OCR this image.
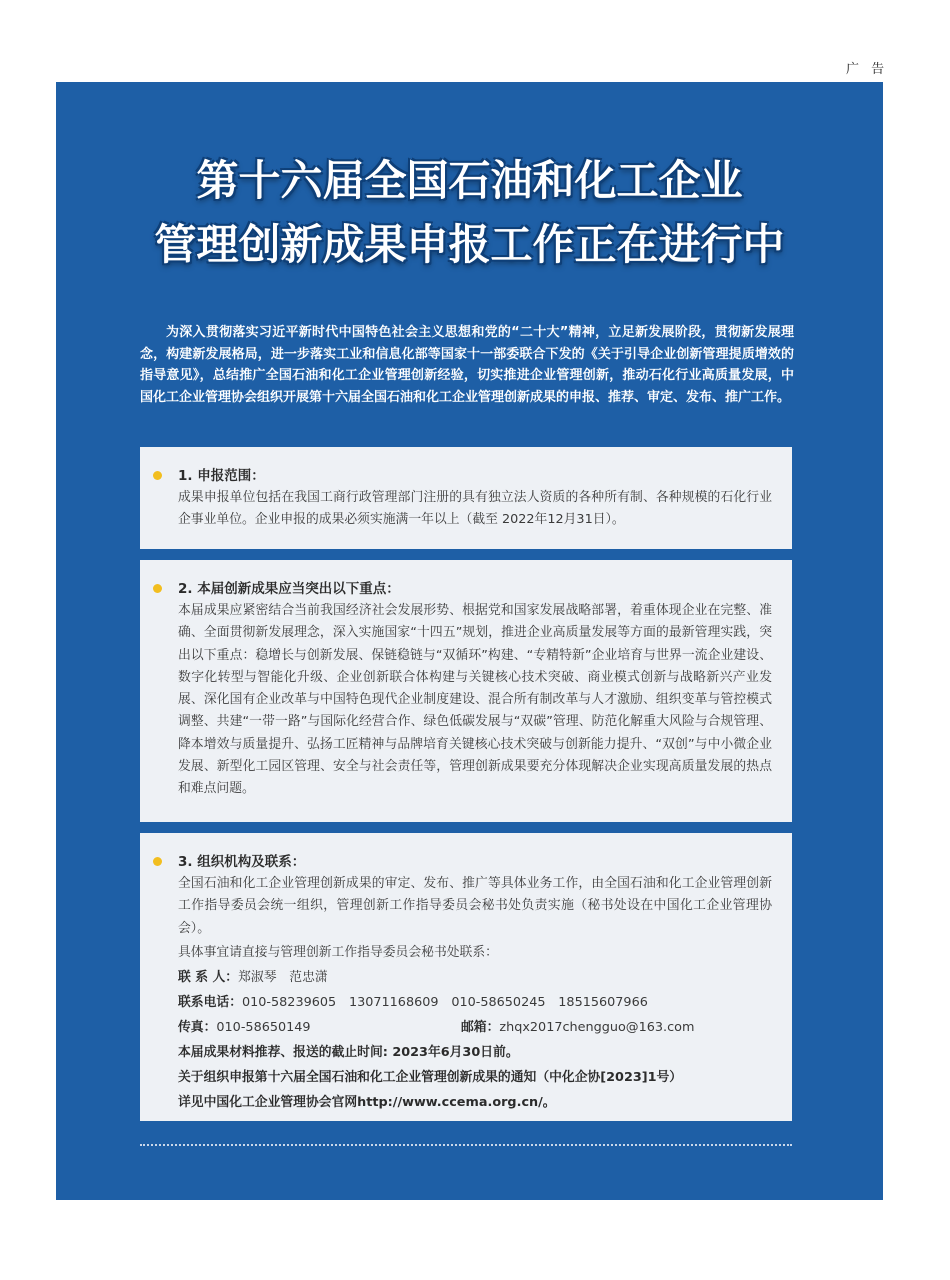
广 告
第十六届全国石油和化工企业
管理创新成果申报工作正在进行中
为深入贯彻落实习近平新时代中国特色社会主义思想和党的“二十大”精神，立足新发展阶段，贯彻新发展理念，构建新发展格局，进一步落实工业和信息化部等国家十一部委联合下发的《关于引导企业创新管理提质增效的指导意见》，总结推广全国石油和化工企业管理创新经验，切实推进企业管理创新，推动石化行业高质量发展，中国化工企业管理协会组织开展第十六届全国石油和化工企业管理创新成果的申报、推荐、审定、发布、推广工作。
1. 申报范围：
成果申报单位包括在我国工商行政管理部门注册的具有独立法人资质的各种所有制、各种规模的石化行业企事业单位。企业申报的成果必须实施满一年以上（截至 2022年12月31日）。
2. 本届创新成果应当突出以下重点：
本届成果应紧密结合当前我国经济社会发展形势、根据党和国家发展战略部署，着重体现企业在完整、准确、全面贯彻新发展理念，深入实施国家“十四五”规划，推进企业高质量发展等方面的最新管理实践，突出以下重点：稳增长与创新发展、保链稳链与“双循环”构建、“专精特新”企业培育与世界一流企业建设、数字化转型与智能化升级、企业创新联合体构建与关键核心技术突破、商业模式创新与战略新兴产业发展、深化国有企业改革与中国特色现代企业制度建设、混合所有制改革与人才激励、组织变革与管控模式调整、共建“一带一路”与国际化经营合作、绿色低碳发展与“双碳”管理、防范化解重大风险与合规管理、降本增效与质量提升、弘扬工匠精神与品牌培育关键核心技术突破与创新能力提升、“双创”与中小微企业发展、新型化工园区管理、安全与社会责任等，管理创新成果要充分体现解决企业实现高质量发展的热点和难点问题。
3. 组织机构及联系：
全国石油和化工企业管理创新成果的审定、发布、推广等具体业务工作，由全国石油和化工企业管理创新工作指导委员会统一组织，管理创新工作指导委员会秘书处负责实施（秘书处设在中国化工企业管理协会）。
具体事宜请直接与管理创新工作指导委员会秘书处联系：
联 系 人：郑淑琴　范忠潇
联系电话：010-58239605　13071168609　010-58650245　18515607966
传真：010-58650149	邮箱：zhqx2017chengguo@163.com
本届成果材料推荐、报送的截止时间: 2023年6月30日前。
关于组织申报第十六届全国石油和化工企业管理创新成果的通知（中化企协[2023]1号）
详见中国化工企业管理协会官网http://www.ccema.org.cn/。
